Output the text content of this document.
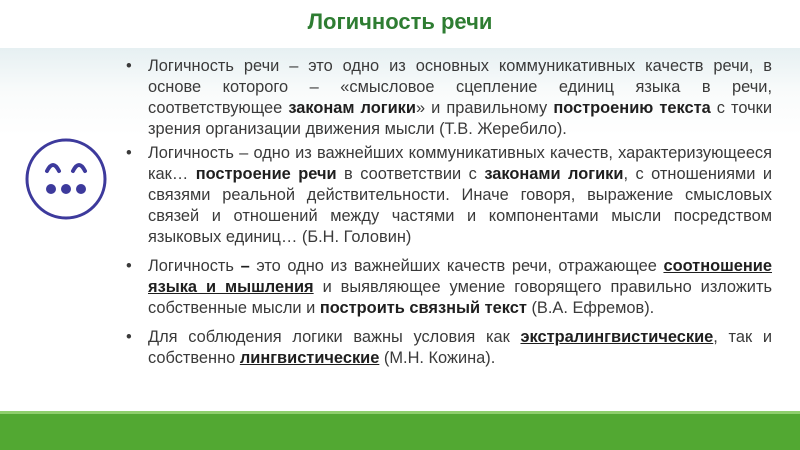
Логичность речи
• Логичность речи – это одно из основных коммуникативных качеств речи, в основе которого – «смысловое сцепление единиц языка в речи, соответствующее законам логики» и правильному построению текста с точки зрения организации движения мысли (Т.В. Жеребило).
• Логичность – одно из важнейших коммуникативных качеств, характеризующееся как… построение речи в соответствии с законами логики, с отношениями и связями реальной действительности. Иначе говоря, выражение смысловых связей и отношений между частями и компонентами мысли посредством языковых единиц… (Б.Н. Головин)
• Логичность – это одно из важнейших качеств речи, отражающее соотношение языка и мышления и выявляющее умение говорящего правильно изложить собственные мысли и построить связный текст (В.А. Ефремов).
• Для соблюдения логики важны условия как экстралингвистические, так и собственно лингвистические (М.Н. Кожина).
